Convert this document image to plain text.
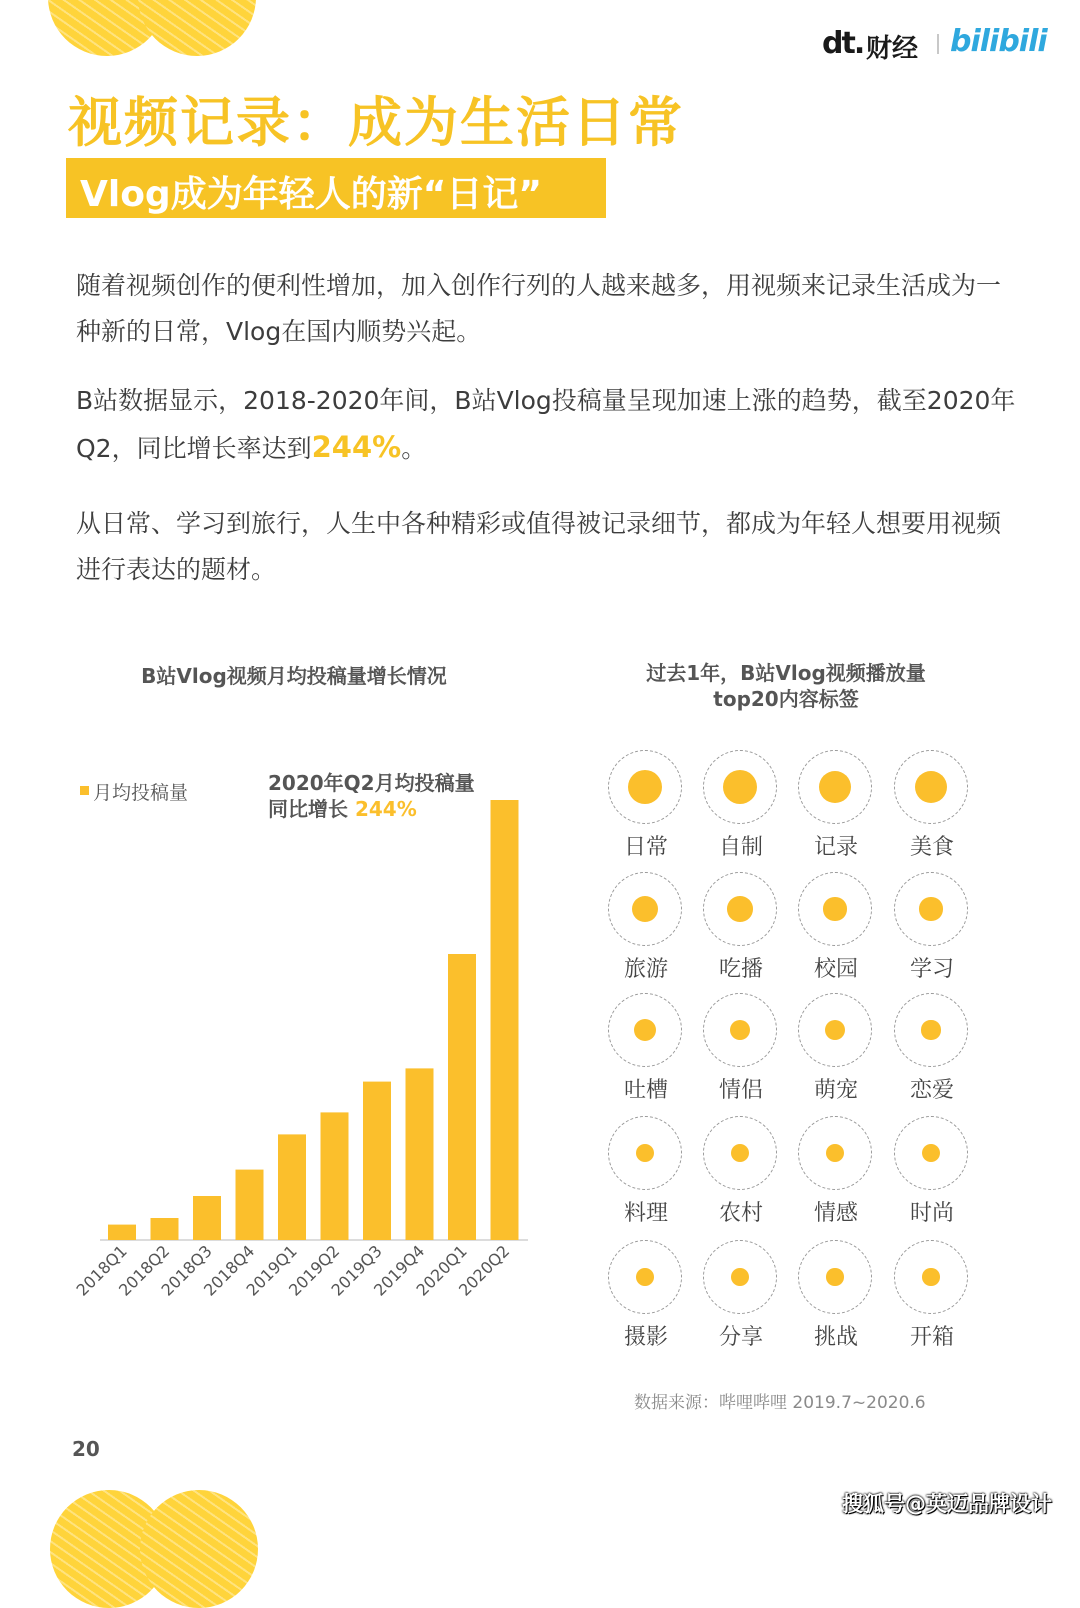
dt. 财经 bilibili
视频记录：成为生活日常
Vlog成为年轻人的新“日记”
随着视频创作的便利性增加，加入创作行列的人越来越多，用视频来记录生活成为一种新的日常，Vlog在国内顺势兴起。
B站数据显示，2018-2020年间，B站Vlog投稿量呈现加速上涨的趋势，截至2020年Q2，同比增长率达到244%。
从日常、学习到旅行，人生中各种精彩或值得被记录细节，都成为年轻人想要用视频进行表达的题材。
B站Vlog视频月均投稿量增长情况
月均投稿量	2020年Q2月均投稿量
同比增长 244%
2018Q1
2018Q2
2018Q3
2018Q4
2019Q1
2019Q2
2019Q3
2019Q4
2020Q1
2020Q2
过去1年，B站Vlog视频播放量
top20内容标签
日常	自制	记录	美食
旅游	吃播	校园	学习
吐槽	情侣	萌宠	恋爱
料理	农村	情感	时尚
摄影	分享	挑战	开箱
数据来源：哔哩哔哩 2019.7~2020.6
20
搜狐号@英迈品牌设计
